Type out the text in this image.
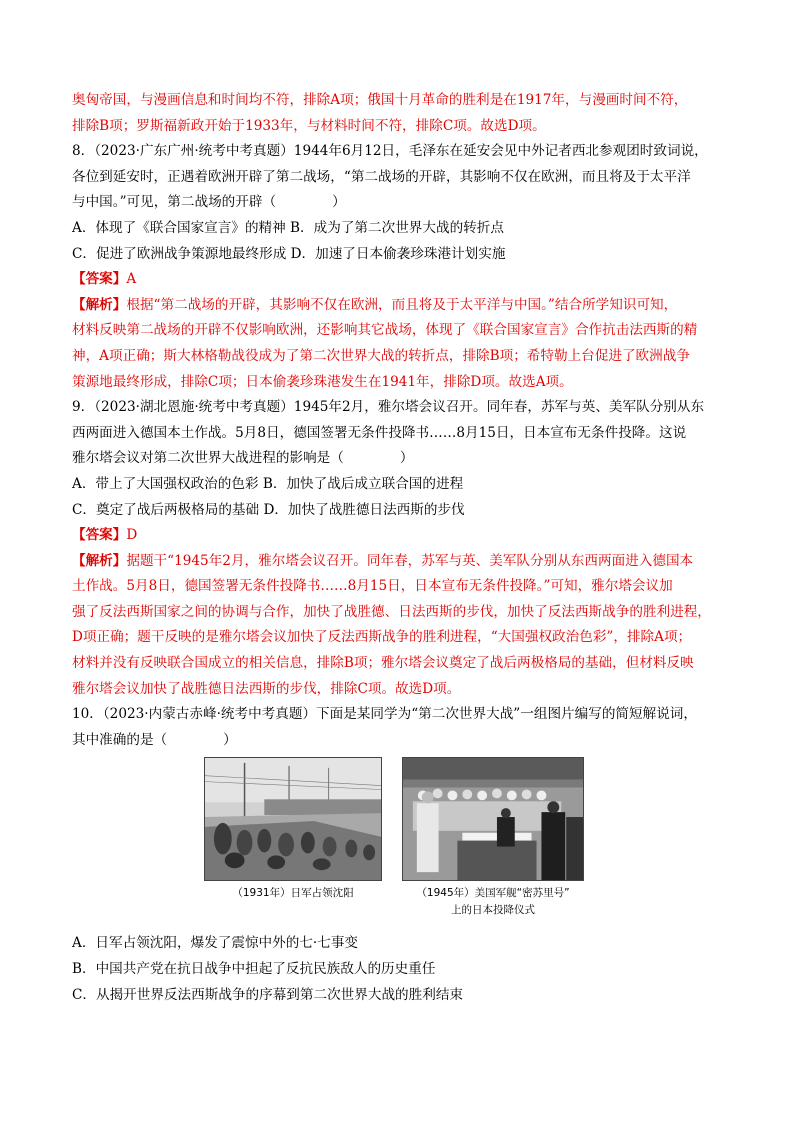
奥匈帝国，与漫画信息和时间均不符，排除A项；俄国十月革命的胜利是在1917年，与漫画时间不符，
排除B项；罗斯福新政开始于1933年，与材料时间不符，排除C项。故选D项。
8．（2023·广东广州·统考中考真题）1944年6月12日，毛泽东在延安会见中外记者西北参观团时致词说，
各位到延安时，正遇着欧洲开辟了第二战场，“第二战场的开辟，其影响不仅在欧洲，而且将及于太平洋
与中国。”可见，第二战场的开辟（	）
A．体现了《联合国家宣言》的精神 B．成为了第二次世界大战的转折点
C．促进了欧洲战争策源地最终形成 D．加速了日本偷袭珍珠港计划实施
【答案】A
【解析】根据“第二战场的开辟，其影响不仅在欧洲，而且将及于太平洋与中国。”结合所学知识可知，
材料反映第二战场的开辟不仅影响欧洲，还影响其它战场，体现了《联合国家宣言》合作抗击法西斯的精
神，A项正确；斯大林格勒战役成为了第二次世界大战的转折点，排除B项；希特勒上台促进了欧洲战争
策源地最终形成，排除C项；日本偷袭珍珠港发生在1941年，排除D项。故选A项。
9．（2023·湖北恩施·统考中考真题）1945年2月，雅尔塔会议召开。同年春，苏军与英、美军队分别从东
西两面进入德国本土作战。5月8日，德国签署无条件投降书……8月15日，日本宣布无条件投降。这说
雅尔塔会议对第二次世界大战进程的影响是（	）
A．带上了大国强权政治的色彩 B．加快了战后成立联合国的进程
C．奠定了战后两极格局的基础 D．加快了战胜德日法西斯的步伐
【答案】D
【解析】据题干“1945年2月，雅尔塔会议召开。同年春，苏军与英、美军队分别从东西两面进入德国本
土作战。5月8日，德国签署无条件投降书……8月15日，日本宣布无条件投降。”可知，雅尔塔会议加
强了反法西斯国家之间的协调与合作，加快了战胜德、日法西斯的步伐，加快了反法西斯战争的胜利进程，
D项正确；题干反映的是雅尔塔会议加快了反法西斯战争的胜利进程，“大国强权政治色彩”，排除A项；
材料并没有反映联合国成立的相关信息，排除B项；雅尔塔会议奠定了战后两极格局的基础，但材料反映
雅尔塔会议加快了战胜德日法西斯的步伐，排除C项。故选D项。
10．（2023·内蒙古赤峰·统考中考真题）下面是某同学为“第二次世界大战”一组图片编写的简短解说词，
其中准确的是（	）
（1931年）日军占领沈阳	（1945年）美国军舰“密苏里号”
上的日本投降仪式
A．日军占领沈阳，爆发了震惊中外的七·七事变
B．中国共产党在抗日战争中担起了反抗民族敌人的历史重任
C．从揭开世界反法西斯战争的序幕到第二次世界大战的胜利结束
